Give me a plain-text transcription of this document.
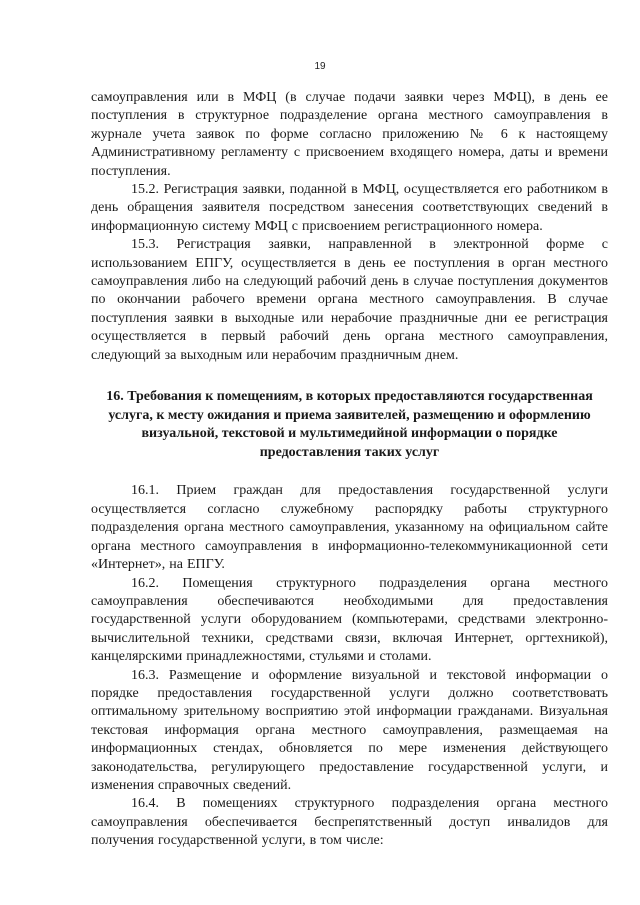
19

самоуправления или в МФЦ (в случае подачи заявки через МФЦ), в день ее поступления в структурное подразделение органа местного самоуправления в журнале учета заявок по форме согласно приложению № 6 к настоящему Административному регламенту с присвоением входящего номера, даты и времени поступления.

15.2. Регистрация заявки, поданной в МФЦ, осуществляется его работником в день обращения заявителя посредством занесения соответствующих сведений в информационную систему МФЦ с присвоением регистрационного номера.

15.3. Регистрация заявки, направленной в электронной форме с использованием ЕПГУ, осуществляется в день ее поступления в орган местного самоуправления либо на следующий рабочий день в случае поступления документов по окончании рабочего времени органа местного самоуправления. В случае поступления заявки в выходные или нерабочие праздничные дни ее регистрация осуществляется в первый рабочий день органа местного самоуправления, следующий за выходным или нерабочим праздничным днем.

16. Требования к помещениям, в которых предоставляются государственная услуга, к месту ожидания и приема заявителей, размещению и оформлению визуальной, текстовой и мультимедийной информации о порядке предоставления таких услуг

16.1. Прием граждан для предоставления государственной услуги осуществляется согласно служебному распорядку работы структурного подразделения органа местного самоуправления, указанному на официальном сайте органа местного самоуправления в информационно-телекоммуникационной сети «Интернет», на ЕПГУ.

16.2. Помещения структурного подразделения органа местного самоуправления обеспечиваются необходимыми для предоставления государственной услуги оборудованием (компьютерами, средствами электронно-вычислительной техники, средствами связи, включая Интернет, оргтехникой), канцелярскими принадлежностями, стульями и столами.

16.3. Размещение и оформление визуальной и текстовой информации о порядке предоставления государственной услуги должно соответствовать оптимальному зрительному восприятию этой информации гражданами. Визуальная текстовая информация органа местного самоуправления, размещаемая на информационных стендах, обновляется по мере изменения действующего законодательства, регулирующего предоставление государственной услуги, и изменения справочных сведений.

16.4. В помещениях структурного подразделения органа местного самоуправления обеспечивается беспрепятственный доступ инвалидов для получения государственной услуги, в том числе:
